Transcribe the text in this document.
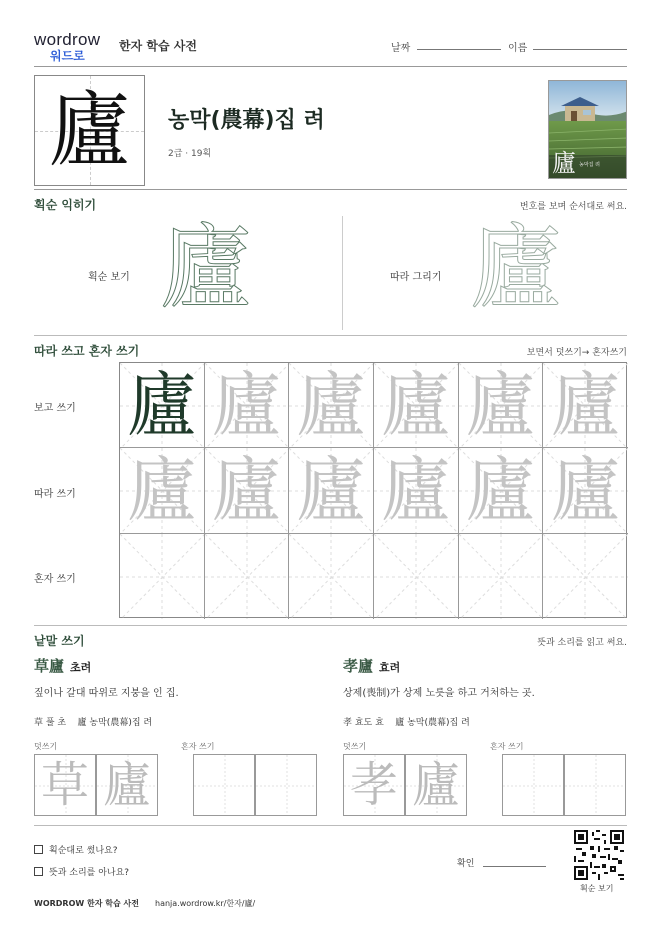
wordrow
워드로
한자 학습 사전	날짜	이름
廬	농막(農幕)집 려
2급 · 19획	廬 농막집 려
획순 익히기	번호를 보며 순서대로 써요.
획순 보기 廬	따라 그리기 廬
따라 쓰고 혼자 쓰기	보면서 덧쓰기→ 혼자쓰기
보고 쓰기
따라 쓰기
혼자 쓰기
廬 廬 廬 廬 廬 廬
廬 廬 廬 廬 廬 廬
낱말 쓰기	뜻과 소리를 읽고 써요.
草廬 초려
짚이나 갈대 따위로 지붕을 인 집.
草 풀 초    廬 농막(農幕)집 려
덧쓰기	혼자 쓰기
草 廬
孝廬 효려
상제(喪制)가 상제 노릇을 하고 거처하는 곳.
孝 효도 효    廬 농막(農幕)집 려
덧쓰기	혼자 쓰기
孝 廬
획순대로 썼나요?
뜻과 소리를 아나요?
확인
획순 보기
WORDROW 한자 학습 사전 hanja.wordrow.kr/한자/廬/
